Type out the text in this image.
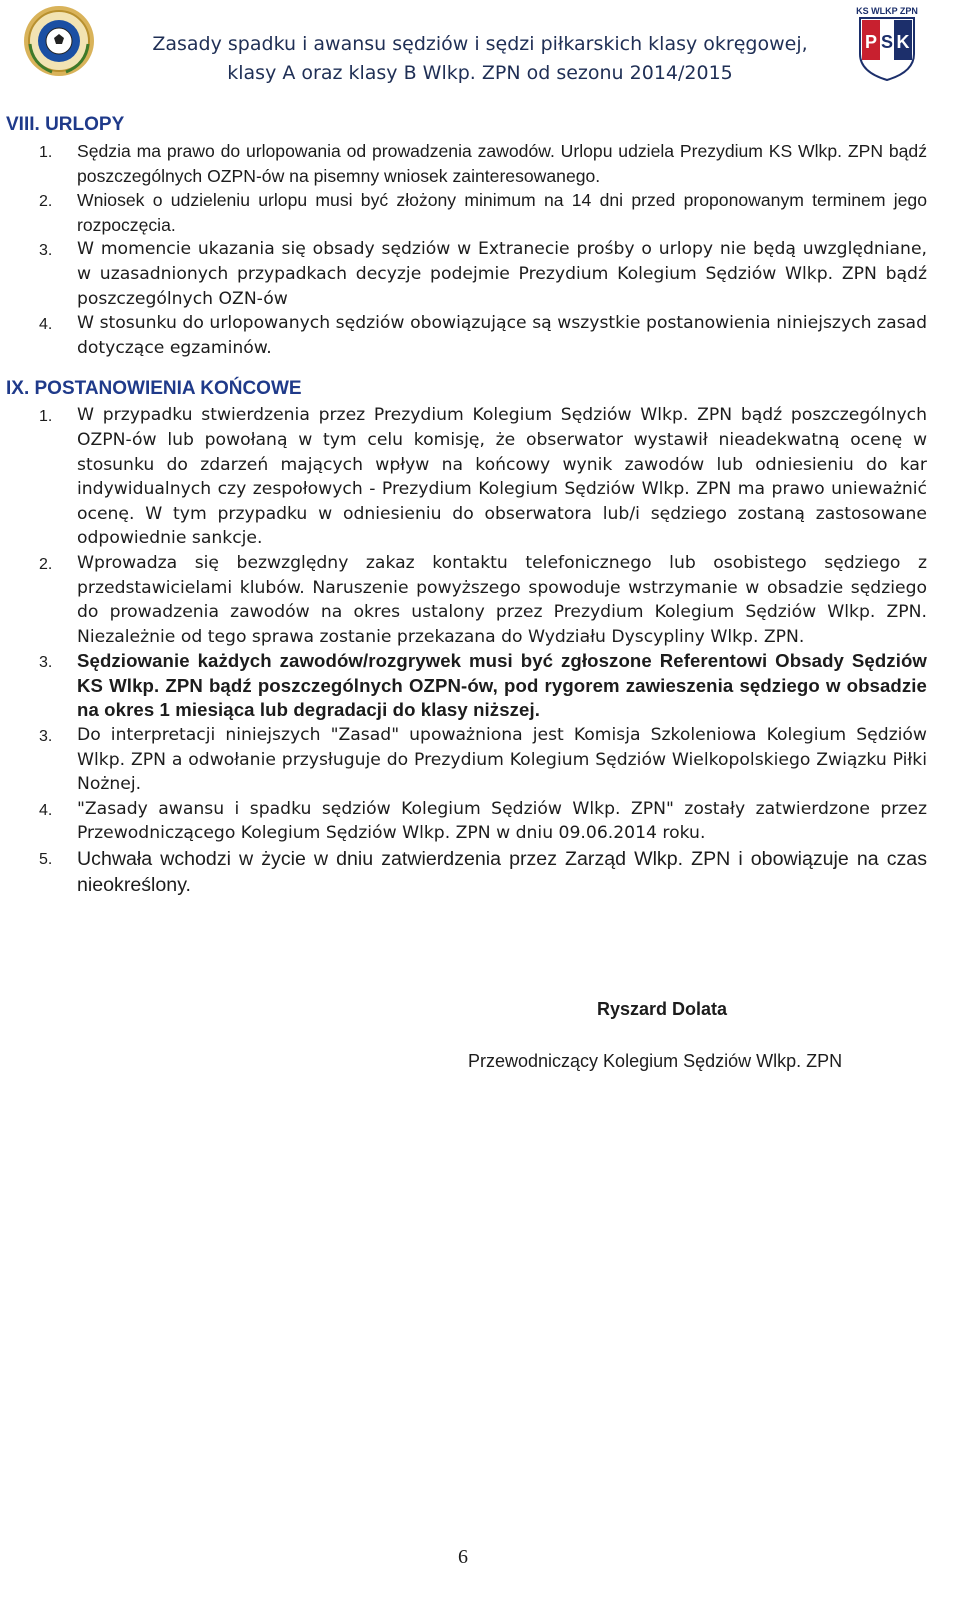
Zasady spadku i awansu sędziów i sędzi piłkarskich klasy okręgowej,
klasy A oraz klasy B Wlkp. ZPN od sezonu 2014/2015
KS WLKP ZPN
P S K
VIII. URLOPY
1. Sędzia ma prawo do urlopowania od prowadzenia zawodów. Urlopu udziela Prezydium KS Wlkp. ZPN bądź poszczególnych OZPN-ów na pisemny wniosek zainteresowanego.
2. Wniosek o udzieleniu urlopu musi być złożony minimum na 14 dni przed proponowanym terminem jego rozpoczęcia.
3. W momencie ukazania się obsady sędziów w Extranecie prośby o urlopy nie będą uwzględniane, w uzasadnionych przypadkach decyzje podejmie Prezydium Kolegium Sędziów Wlkp. ZPN bądź poszczególnych OZN-ów
4. W stosunku do urlopowanych sędziów obowiązujące są wszystkie postanowienia niniejszych zasad dotyczące egzaminów.
IX. POSTANOWIENIA KOŃCOWE
1. W przypadku stwierdzenia przez Prezydium Kolegium Sędziów Wlkp. ZPN bądź poszczególnych OZPN-ów lub powołaną w tym celu komisję, że obserwator wystawił nieadekwatną ocenę w stosunku do zdarzeń mających wpływ na końcowy wynik zawodów lub odniesieniu do kar indywidualnych czy zespołowych - Prezydium Kolegium Sędziów Wlkp. ZPN ma prawo unieważnić ocenę. W tym przypadku w odniesieniu do obserwatora lub/i sędziego zostaną zastosowane odpowiednie sankcje.
2. Wprowadza się bezwzględny zakaz kontaktu telefonicznego lub osobistego sędziego z przedstawicielami klubów. Naruszenie powyższego spowoduje wstrzymanie w obsadzie sędziego do prowadzenia zawodów na okres ustalony przez Prezydium Kolegium Sędziów Wlkp. ZPN. Niezależnie od tego sprawa zostanie przekazana do Wydziału Dyscypliny Wlkp. ZPN.
3. Sędziowanie każdych zawodów/rozgrywek musi być zgłoszone Referentowi Obsady Sędziów KS Wlkp. ZPN bądź poszczególnych OZPN-ów, pod rygorem zawieszenia sędziego w obsadzie na okres 1 miesiąca lub degradacji do klasy niższej.
3. Do interpretacji niniejszych "Zasad" upoważniona jest Komisja Szkoleniowa Kolegium Sędziów Wlkp. ZPN a odwołanie przysługuje do Prezydium Kolegium Sędziów Wielkopolskiego Związku Piłki Nożnej.
4. "Zasady awansu i spadku sędziów Kolegium Sędziów Wlkp. ZPN" zostały zatwierdzone przez Przewodniczącego Kolegium Sędziów Wlkp. ZPN w dniu 09.06.2014 roku.
5. Uchwała wchodzi w życie w dniu zatwierdzenia przez Zarząd Wlkp. ZPN i obowiązuje na czas nieokreślony.
Ryszard Dolata
Przewodniczący Kolegium Sędziów Wlkp. ZPN
6
